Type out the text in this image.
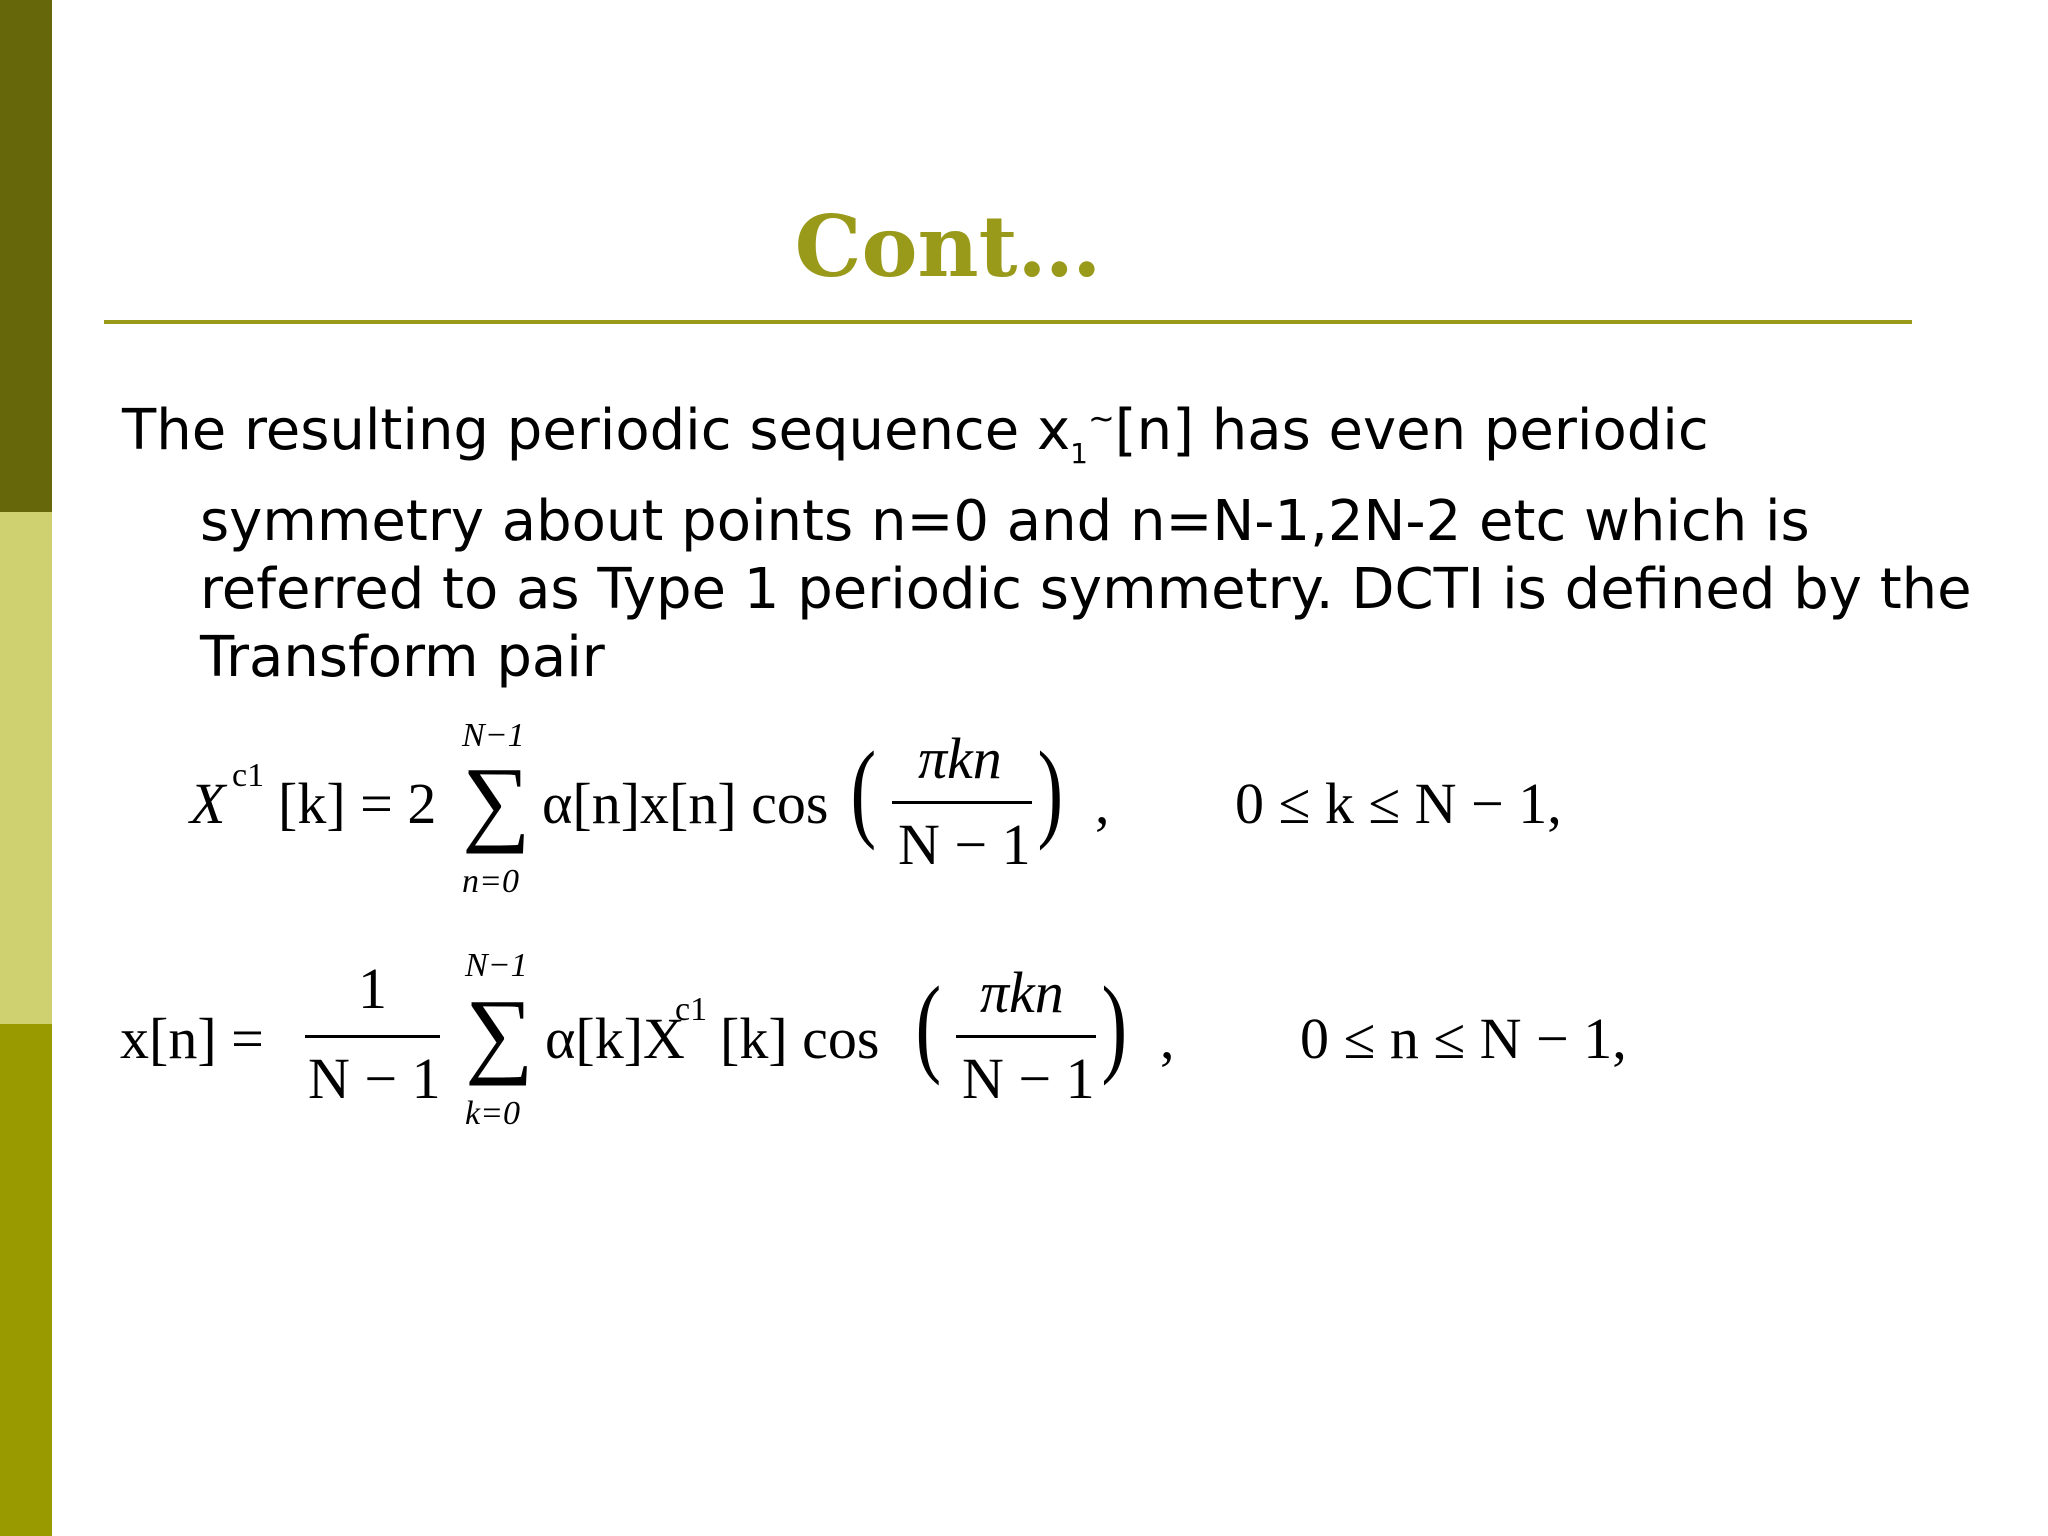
Cont…

The resulting periodic sequence $x_1^\sim[n]$ has even periodic symmetry about points n=0 and n=N-1,2N-2 etc which is referred to as Type 1 periodic symmetry. DCTI is defined by the Transform pair

X c1 [k] = 2
N−1
∑
n=0
α[n]x[n] cos ( πkn
N − 1 ) , 0 ≤ k ≤ N − 1,
x[n] =
1
N − 1
N−1
∑
k=0
α[k]X
c1 [k] cos ( πkn
N − 1 ) , 0 ≤ n ≤ N − 1,
